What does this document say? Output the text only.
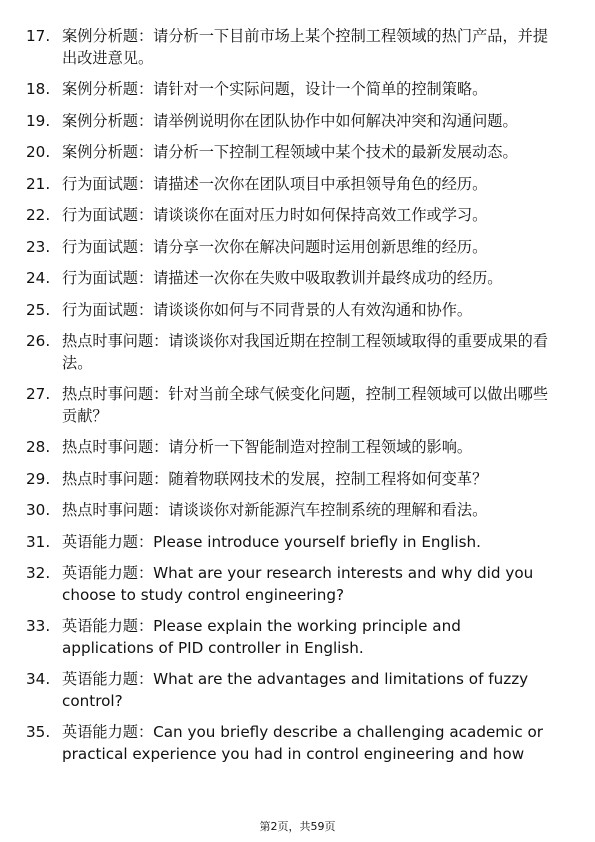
17. 案例分析题：请分析一下目前市场上某个控制工程领域的热门产品，并提出改进意见。
18. 案例分析题：请针对一个实际问题，设计一个简单的控制策略。
19. 案例分析题：请举例说明你在团队协作中如何解决冲突和沟通问题。
20. 案例分析题：请分析一下控制工程领域中某个技术的最新发展动态。
21. 行为面试题：请描述一次你在团队项目中承担领导角色的经历。
22. 行为面试题：请谈谈你在面对压力时如何保持高效工作或学习。
23. 行为面试题：请分享一次你在解决问题时运用创新思维的经历。
24. 行为面试题：请描述一次你在失败中吸取教训并最终成功的经历。
25. 行为面试题：请谈谈你如何与不同背景的人有效沟通和协作。
26. 热点时事问题：请谈谈你对我国近期在控制工程领域取得的重要成果的看法。
27. 热点时事问题：针对当前全球气候变化问题，控制工程领域可以做出哪些贡献？
28. 热点时事问题：请分析一下智能制造对控制工程领域的影响。
29. 热点时事问题：随着物联网技术的发展，控制工程将如何变革？
30. 热点时事问题：请谈谈你对新能源汽车控制系统的理解和看法。
31. 英语能力题：Please introduce yourself briefly in English.
32. 英语能力题：What are your research interests and why did you choose to study control engineering?
33. 英语能力题：Please explain the working principle and applications of PID controller in English.
34. 英语能力题：What are the advantages and limitations of fuzzy control?
35. 英语能力题：Can you briefly describe a challenging academic or practical experience you had in control engineering and how
第2页，共59页
